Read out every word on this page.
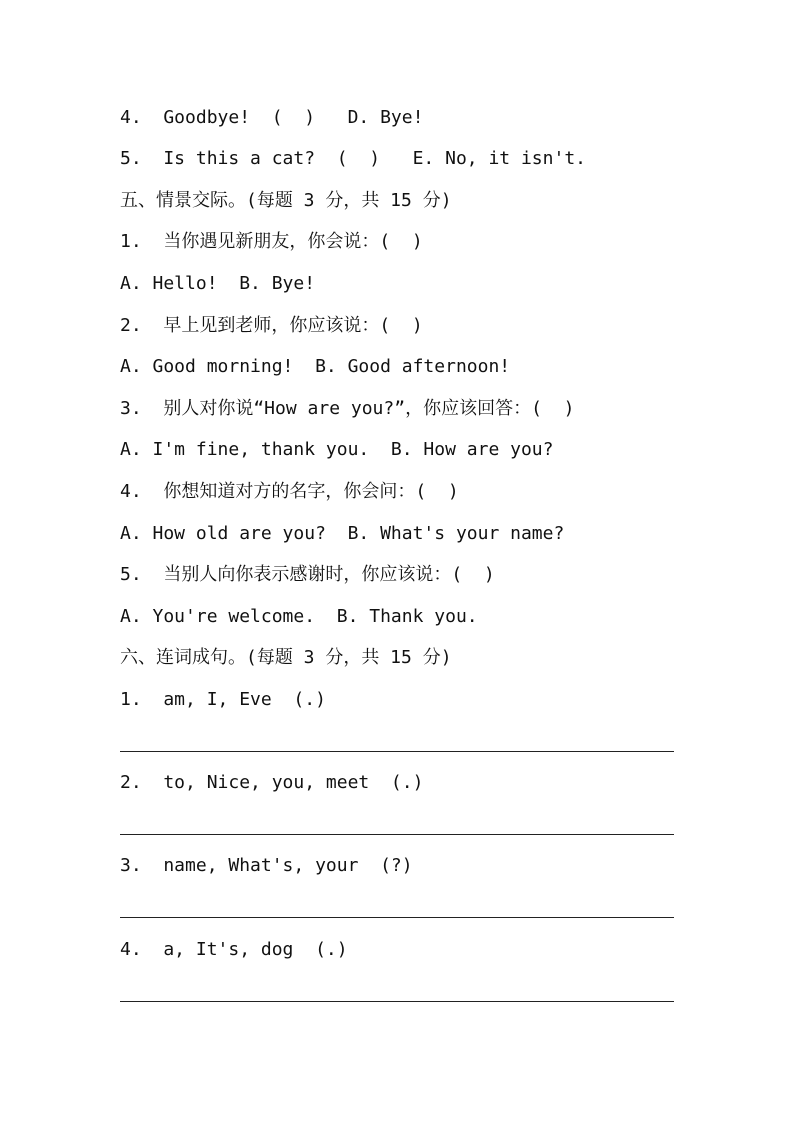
4.  Goodbye!  (  )   D. Bye!
5.  Is this a cat?  (  )   E. No, it isn't.
五、情景交际。(每题 3 分，共 15 分)
1.  当你遇见新朋友，你会说：(  )
A. Hello!  B. Bye!
2.  早上见到老师，你应该说：(  )
A. Good morning!  B. Good afternoon!
3.  别人对你说“How are you?”，你应该回答：(  )
A. I'm fine, thank you.  B. How are you?
4.  你想知道对方的名字，你会问：(  )
A. How old are you?  B. What's your name?
5.  当别人向你表示感谢时，你应该说：(  )
A. You're welcome.  B. Thank you.
六、连词成句。(每题 3 分，共 15 分)
1.  am, I, Eve  (.)
2.  to, Nice, you, meet  (.)
3.  name, What's, your  (?)
4.  a, It's, dog  (.)
